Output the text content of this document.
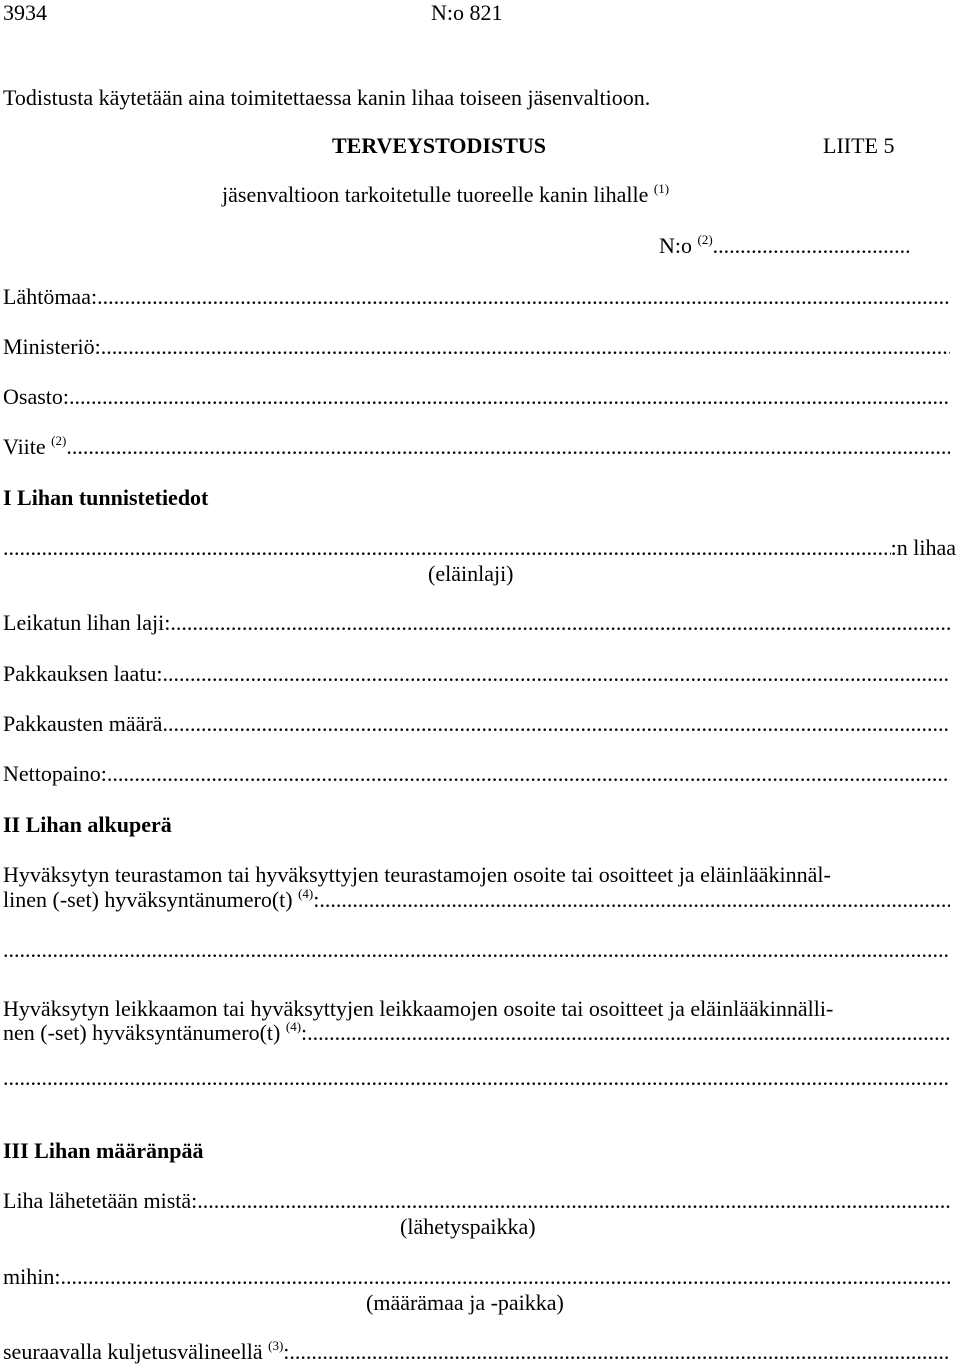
3934	N:o 821
Todistusta käytetään aina toimitettaessa kanin lihaa toiseen jäsenvaltioon.
TERVEYSTODISTUS	LIITE 5
jäsenvaltioon tarkoitetulle tuoreelle kanin lihalle $^{(1)}$
N:o $^{(2)}$
.....
Lähtömaa:
.....
Ministeriö:
.....
Osasto:
.....
Viite $^{(2)}$
.....
I Lihan tunnistetiedot
.....
:n lihaa
(eläinlaji)
Leikatun lihan laji:
.....
Pakkauksen laatu:
.....
Pakkausten määrä
.....
Nettopaino:
.....
II Lihan alkuperä
Hyväksytyn teurastamon tai hyväksyttyjen teurastamojen osoite tai osoitteet ja eläinlääkinnäl-
linen (-set) hyväksyntänumero(t) $^{(4)}$:
.....
.....
Hyväksytyn leikkaamon tai hyväksyttyjen leikkaamojen osoite tai osoitteet ja eläinlääkinnälli-
nen (-set) hyväksyntänumero(t) $^{(4)}$:
.....
.....
III Lihan määränpää
Liha lähetetään mistä:
.....
(lähetyspaikka)
mihin:
.....
(määrämaa ja -paikka)
seuraavalla kuljetusvälineellä $^{(3)}$:
.....
